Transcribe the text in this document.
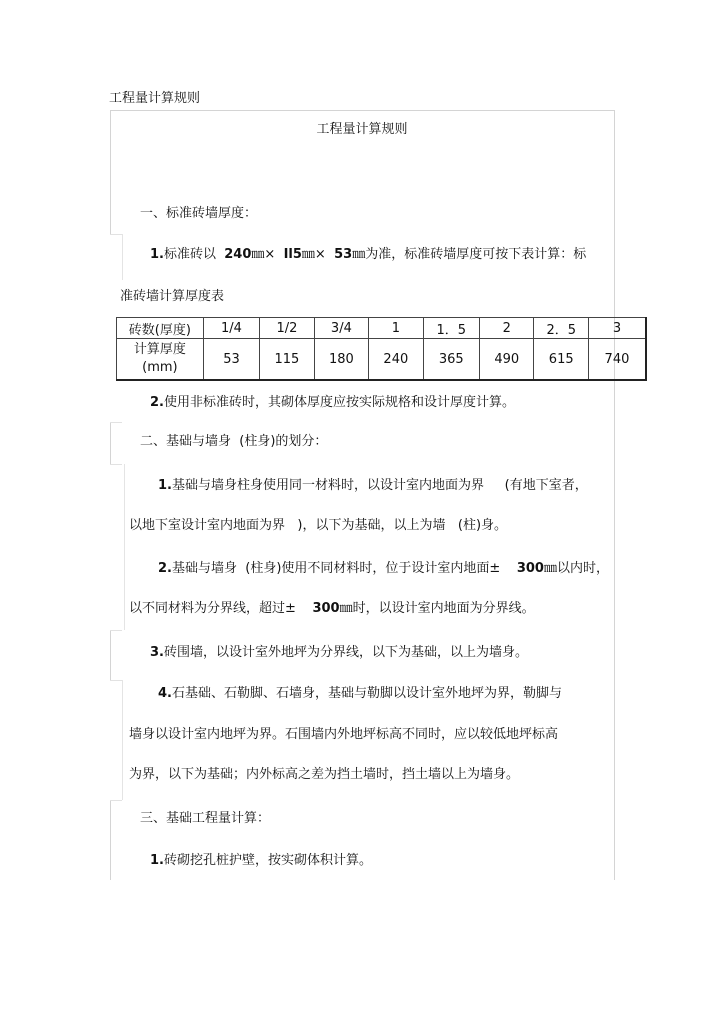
工程量计算规则
工程量计算规则
一、标准砖墙厚度：
1.标准砖以 240㎜× Il5㎜× 53㎜为准，标准砖墙厚度可按下表计算：标
准砖墙计算厚度表
砖数(厚度)	1/4	1/2	3/4	1	1．5	2	2．5	3

计算厚度
(mm)	53	115	180	240	365	490	615	740
2.使用非标准砖时，其砌体厚度应按实际规格和设计厚度计算。
二、基础与墙身 (柱身)的划分：
1.基础与墙身柱身使用同一材料时，以设计室内地面为界 (有地下室者，
以地下室设计室内地面为界 )，以下为基础，以上为墙 (柱)身。
2.基础与墙身 (柱身)使用不同材料时，位于设计室内地面± 300㎜以内时，
以不同材料为分界线，超过± 300㎜时，以设计室内地面为分界线。
3.砖围墙，以设计室外地坪为分界线，以下为基础，以上为墙身。
4.石基础、石勒脚、石墙身，基础与勒脚以设计室外地坪为界，勒脚与
墙身以设计室内地坪为界。石围墙内外地坪标高不同时，应以较低地坪标高
为界，以下为基础；内外标高之差为挡土墙时，挡土墙以上为墙身。
三、基础工程量计算：
1.砖砌挖孔桩护壁，按实砌体积计算。
